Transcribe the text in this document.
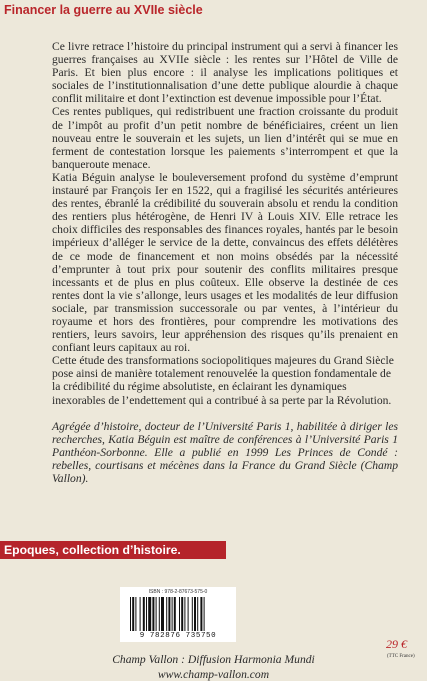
Financer la guerre au XVIIe siècle

Ce livre retrace l’histoire du principal instrument qui a servi à financer les guerres françaises au XVIIe siècle : les rentes sur l’Hôtel de Ville de Paris. Et bien plus encore : il analyse les implications politiques et sociales de l’institutionnalisation d’une dette publique alourdie à chaque conflit militaire et dont l’extinction est devenue impossible pour l’État.

Ces rentes publiques, qui redistribuent une fraction croissante du produit de l’impôt au profit d’un petit nombre de bénéficiaires, créent un lien nouveau entre le souverain et les sujets, un lien d’intérêt qui se mue en ferment de contestation lorsque les paiements s’interrompent et que la banqueroute menace.

Katia Béguin analyse le bouleversement profond du système d’emprunt instauré par François Ier en 1522, qui a fragilisé les sécurités antérieures des rentes, ébranlé la crédibilité du souverain absolu et rendu la condition des rentiers plus hétérogène, de Henri IV à Louis XIV. Elle retrace les choix difficiles des responsables des finances royales, hantés par le besoin impérieux d’alléger le service de la dette, convaincus des effets délétères de ce mode de financement et non moins obsédés par la nécessité d’emprunter à tout prix pour soutenir des conflits militaires presque incessants et de plus en plus coûteux. Elle observe la destinée de ces rentes dont la vie s’allonge, leurs usages et les modalités de leur diffusion sociale, par transmission successorale ou par ventes, à l’intérieur du royaume et hors des frontières, pour comprendre les motivations des rentiers, leurs savoirs, leur appréhension des risques qu’ils prenaient en confiant leurs capitaux au roi.

Cette étude des transformations sociopolitiques majeures du Grand Siècle pose ainsi de manière totalement renouvelée la question fondamentale de la crédibilité du régime absolutiste, en éclairant les dynamiques inexorables de l’endettement qui a contribué à sa perte par la Révolution.

Agrégée d’histoire, docteur de l’Université Paris 1, habilitée à diriger les recherches, Katia Béguin est maître de conférences à l’Université Paris 1 Panthéon-Sorbonne. Elle a publié en 1999 Les Princes de Condé : rebelles, courtisans et mécènes dans la France du Grand Siècle (Champ Vallon).

Epoques, collection d’histoire.
ISBN : 978-2-87673-575-0
9 782876 735750
29 €
(TTC France)
Champ Vallon : Diffusion Harmonia Mundi
www.champ-vallon.com
